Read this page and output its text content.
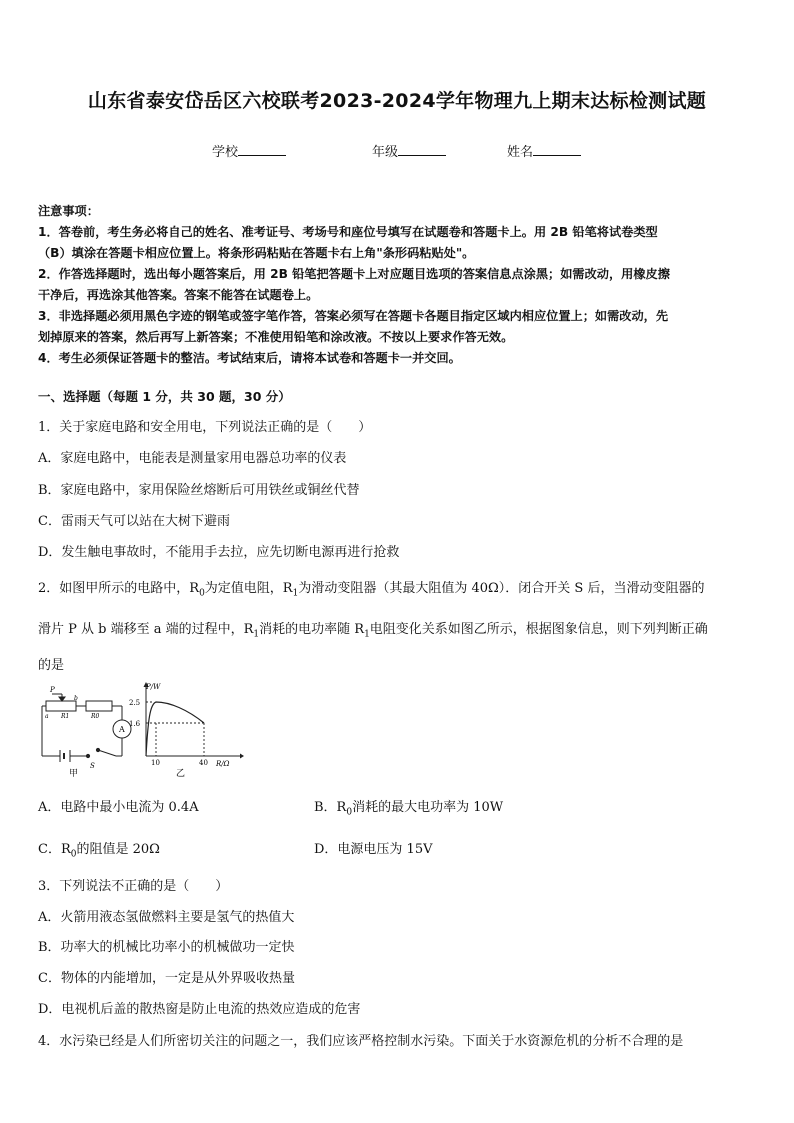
山东省泰安岱岳区六校联考2023-2024学年物理九上期末达标检测试题
学校	年级	姓名

注意事项：

1．答卷前，考生务必将自己的姓名、准考证号、考场号和座位号填写在试题卷和答题卡上。用 2B 铅笔将试卷类型

（B）填涂在答题卡相应位置上。将条形码粘贴在答题卡右上角"条形码粘贴处"。

2．作答选择题时，选出每小题答案后，用 2B 铅笔把答题卡上对应题目选项的答案信息点涂黑；如需改动，用橡皮擦

干净后，再选涂其他答案。答案不能答在试题卷上。

3．非选择题必须用黑色字迹的钢笔或签字笔作答，答案必须写在答题卡各题目指定区域内相应位置上；如需改动，先

划掉原来的答案，然后再写上新答案；不准使用铅笔和涂改液。不按以上要求作答无效。

4．考生必须保证答题卡的整洁。考试结束后，请将本试卷和答题卡一并交回。

一、选择题（每题 1 分，共 30 题，30 分）
1．关于家庭电路和安全用电，下列说法正确的是（　　）
A．家庭电路中，电能表是测量家用电器总功率的仪表
B．家庭电路中，家用保险丝熔断后可用铁丝或铜丝代替
C．雷雨天气可以站在大树下避雨
D．发生触电事故时，不能用手去拉，应先切断电源再进行抢救
2．如图甲所示的电路中，$R_0$为定值电阻，$R_1$为滑动变阻器（其最大阻值为 40Ω）．闭合开关 S 后，当滑动变阻器的
滑片 P 从 b 端移至 a 端的过程中，$R_1$消耗的电功率随 $R_1$电阻变化关系如图乙所示，根据图象信息，则下列判断正确
的是
P
a
b
R1	R0
A
S
甲
P/W
2.5
1.6
10	40 R/Ω
乙
A．电路中最小电流为 0.4A	B．$R_0$消耗的最大电功率为 10W
C．$R_0$的阻值是 20Ω	D．电源电压为 15V
3．下列说法不正确的是（　　）
A．火箭用液态氢做燃料主要是氢气的热值大
B．功率大的机械比功率小的机械做功一定快
C．物体的内能增加，一定是从外界吸收热量
D．电视机后盖的散热窗是防止电流的热效应造成的危害
4．水污染已经是人们所密切关注的问题之一，我们应该严格控制水污染。下面关于水资源危机的分析不合理的是
